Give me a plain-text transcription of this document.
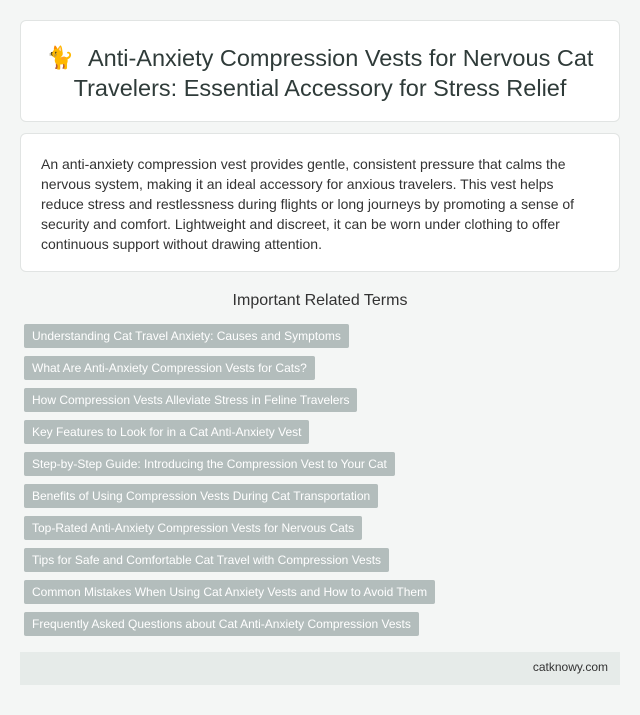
🐈 Anti-Anxiety Compression Vests for Nervous Cat Travelers: Essential Accessory for Stress Relief

An anti-anxiety compression vest provides gentle, consistent pressure that calms the nervous system, making it an ideal accessory for anxious travelers. This vest helps reduce stress and restlessness during flights or long journeys by promoting a sense of security and comfort. Lightweight and discreet, it can be worn under clothing to offer continuous support without drawing attention.

Important Related Terms
Understanding Cat Travel Anxiety: Causes and Symptoms
What Are Anti-Anxiety Compression Vests for Cats?
How Compression Vests Alleviate Stress in Feline Travelers
Key Features to Look for in a Cat Anti-Anxiety Vest
Step-by-Step Guide: Introducing the Compression Vest to Your Cat
Benefits of Using Compression Vests During Cat Transportation
Top-Rated Anti-Anxiety Compression Vests for Nervous Cats
Tips for Safe and Comfortable Cat Travel with Compression Vests
Common Mistakes When Using Cat Anxiety Vests and How to Avoid Them
Frequently Asked Questions about Cat Anti-Anxiety Compression Vests
catknowy.com
